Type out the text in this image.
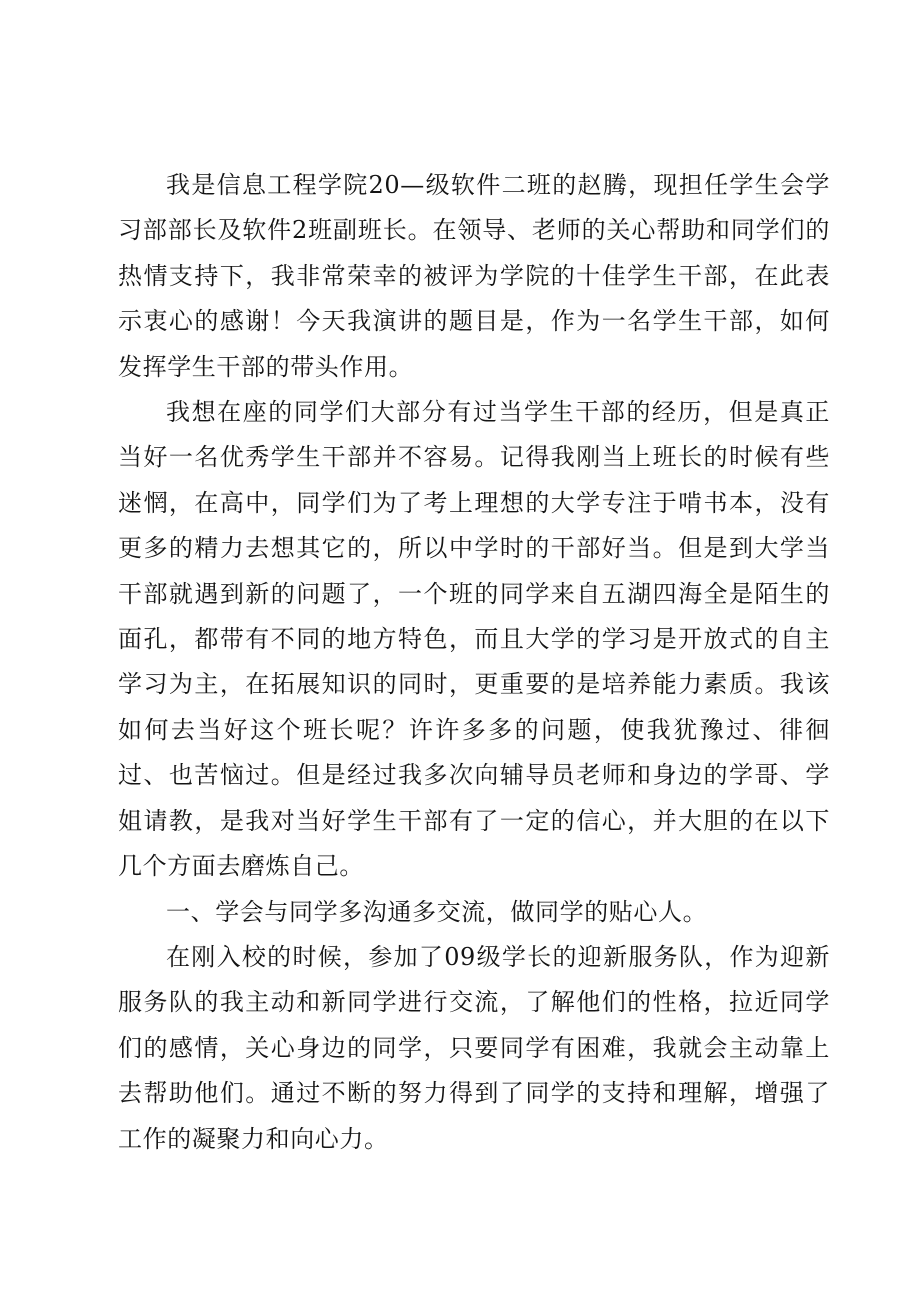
我是信息工程学院20—级软件二班的赵腾，现担任学生会学习部部长及软件2班副班长。在领导、老师的关心帮助和同学们的热情支持下，我非常荣幸的被评为学院的十佳学生干部，在此表示衷心的感谢！今天我演讲的题目是，作为一名学生干部，如何发挥学生干部的带头作用。

我想在座的同学们大部分有过当学生干部的经历，但是真正当好一名优秀学生干部并不容易。记得我刚当上班长的时候有些迷惘，在高中，同学们为了考上理想的大学专注于啃书本，没有更多的精力去想其它的，所以中学时的干部好当。但是到大学当干部就遇到新的问题了，一个班的同学来自五湖四海全是陌生的面孔，都带有不同的地方特色，而且大学的学习是开放式的自主学习为主，在拓展知识的同时，更重要的是培养能力素质。我该如何去当好这个班长呢？许许多多的问题，使我犹豫过、徘徊过、也苦恼过。但是经过我多次向辅导员老师和身边的学哥、学姐请教，是我对当好学生干部有了一定的信心，并大胆的在以下几个方面去磨炼自己。

一、学会与同学多沟通多交流，做同学的贴心人。

在刚入校的时候，参加了09级学长的迎新服务队，作为迎新服务队的我主动和新同学进行交流，了解他们的性格，拉近同学们的感情，关心身边的同学，只要同学有困难，我就会主动靠上去帮助他们。通过不断的努力得到了同学的支持和理解，增强了工作的凝聚力和向心力。
